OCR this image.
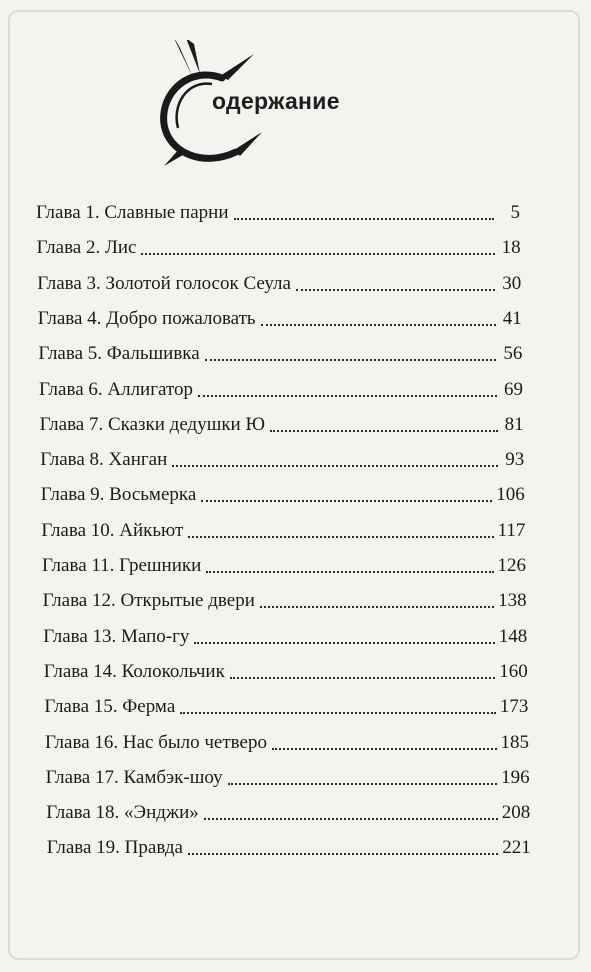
одержание
Глава 1. Славные парни	5
Глава 2. Лис	18
Глава 3. Золотой голосок Сеула	30
Глава 4. Добро пожаловать	41
Глава 5. Фальшивка	56
Глава 6. Аллигатор	69
Глава 7. Сказки дедушки Ю	81
Глава 8. Ханган	93
Глава 9. Восьмерка	106
Глава 10. Айкьют	117
Глава 11. Грешники	126
Глава 12. Открытые двери	138
Глава 13. Мапо-гу	148
Глава 14. Колокольчик	160
Глава 15. Ферма	173
Глава 16. Нас было четверо	185
Глава 17. Камбэк-шоу	196
Глава 18. «Энджи»	208
Глава 19. Правда	221
